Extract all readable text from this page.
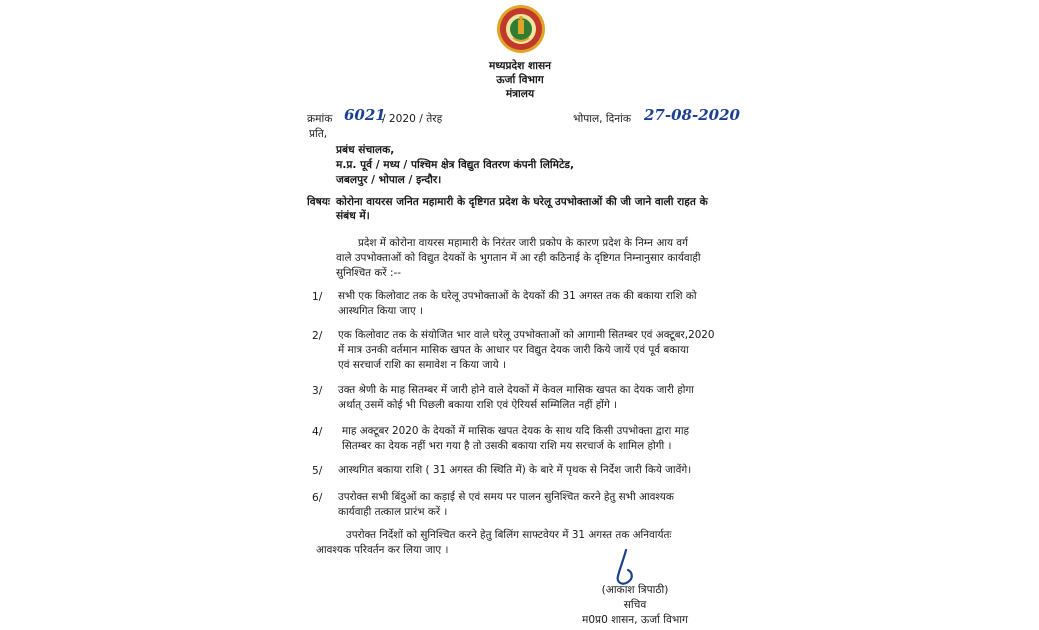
मध्यप्रदेश शासन
ऊर्जा विभाग
मंत्रालय
क्रमांक 6021
/ 2020 / तेरह	भोपाल, दिनांक 27-08-2020
प्रति,
प्रबंध संचालक,
म.प्र. पूर्व / मध्य / पश्चिम क्षेत्र विद्युत वितरण कंपनी लिमिटेड,
जबलपुर / भोपाल / इन्दौर।
विषयः कोरोना वायरस जनित महामारी के दृष्टिगत प्रदेश के घरेलू उपभोक्ताओं की जी जाने वाली राहत के
संबंध में।
प्रदेश में कोरोना वायरस महामारी के निरंतर जारी प्रकोप के कारण प्रदेश के निम्न आय वर्ग
वाले उपभोक्ताओं को विद्युत देयकों के भुगतान में आ रही कठिनाई के दृष्टिगत निम्नानुसार कार्यवाही
सुनिश्चित करें :--
1/ सभी एक किलोवाट तक के घरेलू उपभोक्ताओं के देयकों की 31 अगस्त तक की बकाया राशि को
आस्थगित किया जाए ।
2/ एक किलोवाट तक के संयोजित भार वाले घरेलू उपभोक्ताओं को आगामी सितम्बर एवं अक्टूबर,2020
में मात्र उनकी वर्तमान मासिक खपत के आधार पर विद्युत देयक जारी किये जायें एवं पूर्व बकाया
एवं सरचार्ज राशि का समावेश न किया जाये ।
3/ उक्त श्रेणी के माह सितम्बर में जारी होने वाले देयकों में केवल मासिक खपत का देयक जारी होगा
अर्थात् उसमें कोई भी पिछली बकाया राशि एवं ऐरियर्स सम्मिलित नहीं होंगे ।
4/ माह अक्टूबर 2020 के देयकों में मासिक खपत देयक के साथ यदि किसी उपभोक्ता द्वारा माह
सितम्बर का देयक नहीं भरा गया है तो उसकी बकाया राशि मय सरचार्ज के शामिल होगी ।
5/ आस्थगित बकाया राशि ( 31 अगस्त की स्थिति में) के बारे में पृथक से निर्देश जारी किये जावेंगे।
6/ उपरोक्त सभी बिंदुओं का कड़ाई से एवं समय पर पालन सुनिश्चित करने हेतु सभी आवश्यक
कार्यवाही तत्काल प्रारंभ करें ।
उपरोक्त निर्देशों को सुनिश्चित करने हेतु बिलिंग साफ्टवेयर में 31 अगस्त तक अनिवार्यतः
आवश्यक परिवर्तन कर लिया जाए ।
(आकाश त्रिपाठी)
सचिव
म0प्र0 शासन, ऊर्जा विभाग
